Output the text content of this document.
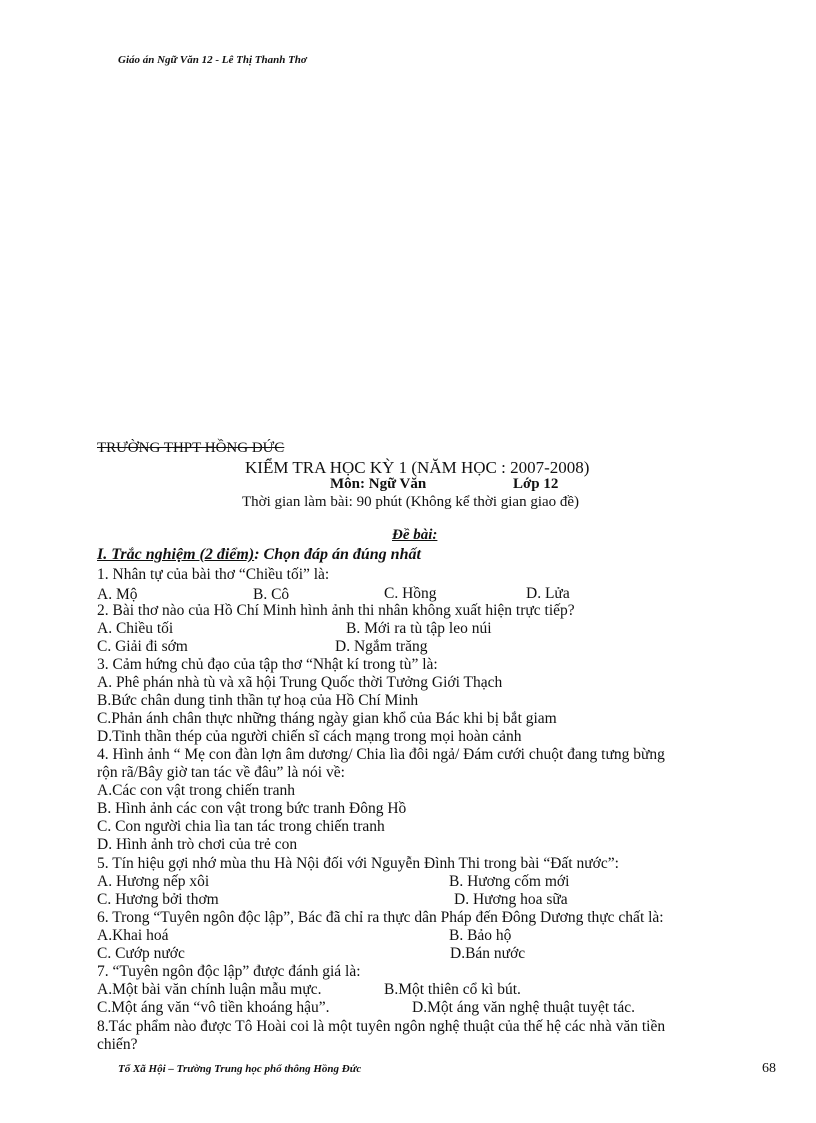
Giáo án Ngữ Văn 12 - Lê Thị Thanh Thơ
TRƯỜNG THPT HỒNG ĐỨC
KIỂM TRA HỌC KỲ 1 (NĂM HỌC : 2007-2008)
Môn: Ngữ Văn	Lớp 12
Thời gian làm bài: 90 phút (Không kể thời gian giao đề)
Đề bài:
I. Trắc nghiệm (2 điểm): Chọn đáp án đúng nhất
1. Nhân tự của bài thơ “Chiều tối” là:
A. Mộ	B. Cô	C. Hồng	D. Lửa
2. Bài thơ nào của Hồ Chí Minh hình ảnh thi nhân không xuất hiện trực tiếp?
A. Chiều tối	B. Mới ra tù tập leo núi
C. Giải đi sớm	D. Ngắm trăng
3. Cảm hứng chủ đạo của tập thơ “Nhật kí trong tù” là:
A. Phê phán nhà tù và xã hội Trung Quốc thời Tưởng Giới Thạch
B.Bức chân dung tinh thần tự hoạ của Hồ Chí Minh
C.Phản ánh chân thực những tháng ngày gian khổ của Bác khi bị bắt giam
D.Tinh thần thép của người chiến sĩ cách mạng trong mọi hoàn cảnh
4. Hình ảnh “ Mẹ con đàn lợn âm dương/ Chia lìa đôi ngả/ Đám cưới chuột đang tưng bừng
rộn rã/Bây giờ tan tác về đâu” là nói về:
A.Các con vật trong chiến tranh
B. Hình ảnh các con vật trong bức tranh Đông Hồ
C. Con người chia lìa tan tác trong chiến tranh
D. Hình ảnh trò chơi của trẻ con
5. Tín hiệu gợi nhớ mùa thu Hà Nội đối với Nguyễn Đình Thi trong bài “Đất nước”:
A. Hương nếp xôi	B. Hương cốm mới
C. Hương bởi thơm	D. Hương hoa sữa
6. Trong “Tuyên ngôn độc lập”, Bác đã chỉ ra thực dân Pháp đến Đông Dương thực chất là:
A.Khai hoá	B. Bảo hộ
C. Cướp nước	D.Bán nước
7. “Tuyên ngôn độc lập” được đánh giá là:
A.Một bài văn chính luận mẫu mực.	B.Một thiên cổ kì bút.
C.Một áng văn “vô tiền khoáng hậu”.	D.Một áng văn nghệ thuật tuyệt tác.
8.Tác phẩm nào được Tô Hoài coi là một tuyên ngôn nghệ thuật của thế hệ các nhà văn tiền
chiến?
Tổ Xã Hội – Trường Trung học phổ thông Hồng Đức	68
